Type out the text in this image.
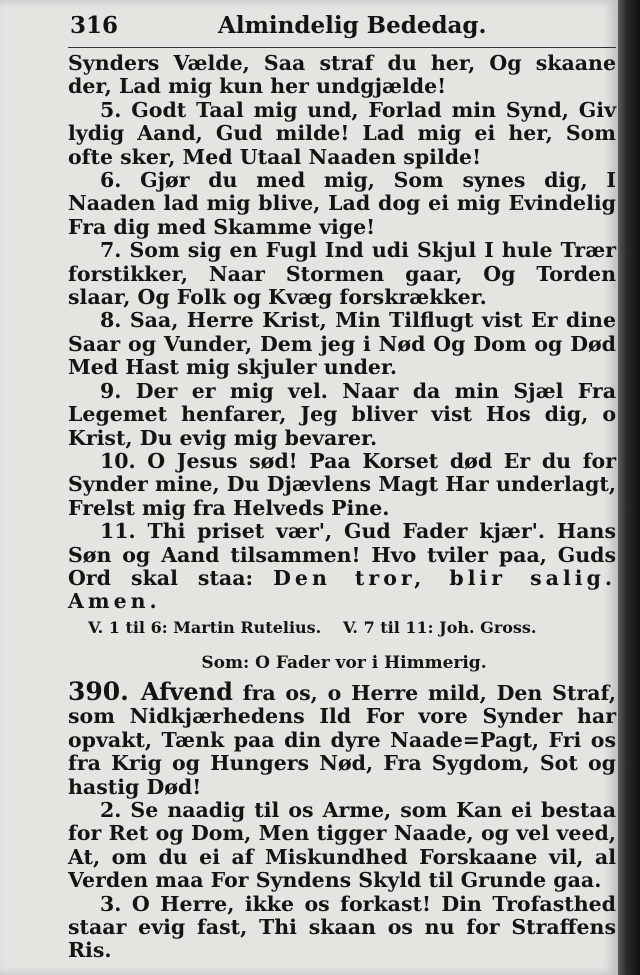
316	Almindelig Bededag.

Synders Vælde, Saa straf du her, Og skaane der, Lad mig kun her undgjælde!

5. Godt Taal mig und, Forlad min Synd, Giv lydig Aand, Gud milde! Lad mig ei her, Som ofte sker, Med Utaal Naaden spilde!

6. Gjør du med mig, Som synes dig, I Naaden lad mig blive, Lad dog ei mig Evindelig Fra dig med Skamme vige!

7. Som sig en Fugl Ind udi Skjul I hule Trær forstikker, Naar Stormen gaar, Og Torden slaar, Og Folk og Kvæg forskrækker.

8. Saa, Herre Krist, Min Tilflugt vist Er dine Saar og Vunder, Dem jeg i Nød Og Dom og Død Med Hast mig skjuler under.

9. Der er mig vel. Naar da min Sjæl Fra Legemet henfarer, Jeg bliver vist Hos dig, o Krist, Du evig mig bevarer.

10. O Jesus sød! Paa Korset død Er du for Synder mine, Du Djævlens Magt Har underlagt, Frelst mig fra Helveds Pine.

11. Thi priset vær', Gud Fader kjær'. Hans Søn og Aand tilsammen! Hvo tviler paa, Guds Ord skal staa: Den tror, blir salig. Amen.

V. 1 til 6: Martin Rutelius. V. 7 til 11: Joh. Gross.
Som: O Fader vor i Himmerig.

390. Afvend fra os, o Herre mild, Den Straf, som Nidkjærhedens Ild For vore Synder har opvakt, Tænk paa din dyre Naade=Pagt, Fri os fra Krig og Hungers Nød, Fra Sygdom, Sot og hastig Død!

2. Se naadig til os Arme, som Kan ei bestaa for Ret og Dom, Men tigger Naade, og vel veed, At, om du ei af Miskundhed Forskaane vil, al Verden maa For Syndens Skyld til Grunde gaa.

3. O Herre, ikke os forkast! Din Trofasthed staar evig fast, Thi skaan os nu for Straffens Ris.
